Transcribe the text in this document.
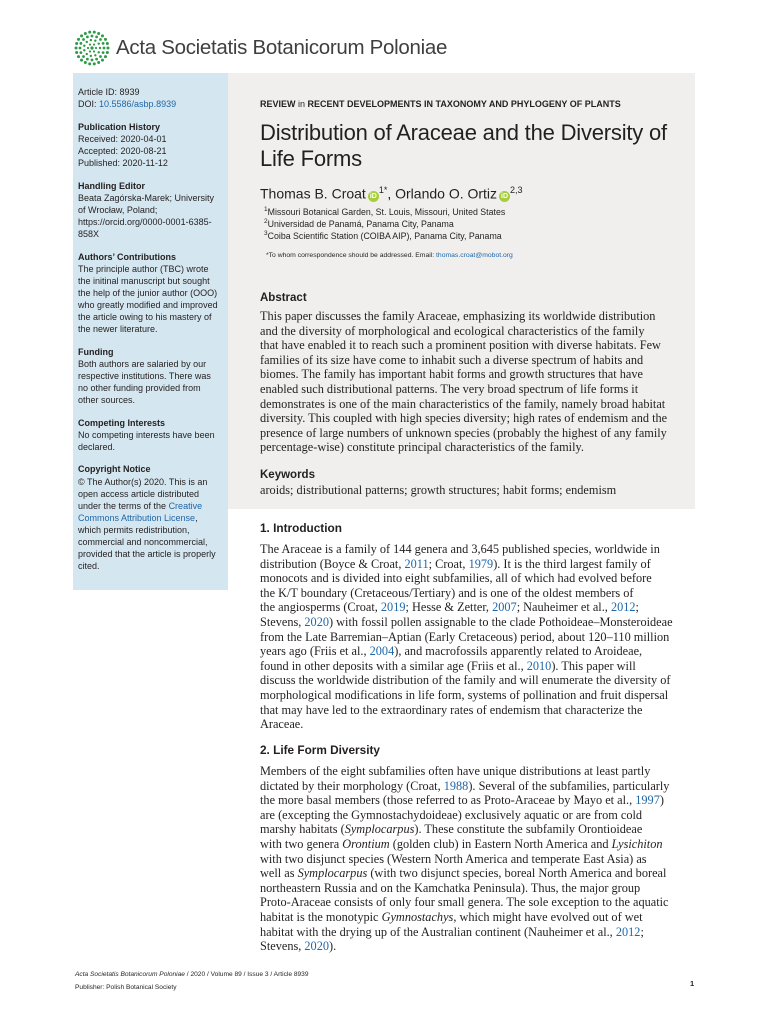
Acta Societatis Botanicorum Poloniae
Article ID: 8939
DOI: 10.5586/asbp.8939
Publication History
Received: 2020-04-01
Accepted: 2020-08-21
Published: 2020-11-12
Handling Editor
Beata Zagórska-Marek; University of Wrocław, Poland; https://orcid.org/0000-0001-6385-858X
Authors’ Contributions
The principle author (TBC) wrote the initinal manuscript but sought the help of the junior author (OOO) who greatly modified and improved the article owing to his mastery of the newer literature.
Funding
Both authors are salaried by our respective institutions. There was no other funding provided from other sources.
Competing Interests
No competing interests have been declared.
Copyright Notice
© The Author(s) 2020. This is an open access article distributed under the terms of the Creative Commons Attribution License, which permits redistribution, commercial and noncommercial, provided that the article is properly cited.
REVIEW in RECENT DEVELOPMENTS IN TAXONOMY AND PHYLOGENY OF PLANTS
Distribution of Araceae and the Diversity of Life Forms
Thomas B. Croat $iD^{1*}$, Orlando O. Ortiz iD$^{2,3}$
$^1$Missouri Botanical Garden, St. Louis, Missouri, United States
$^2$Universidad de Panamá, Panama City, Panama
$^3$Coiba Scientific Station (COIBA AIP), Panama City, Panama
*To whom correspondence should be addressed. Email: thomas.croat@mobot.org
Abstract
This paper discusses the family Araceae, emphasizing its worldwide distribution
and the diversity of morphological and ecological characteristics of the family
that have enabled it to reach such a prominent position with diverse habitats. Few
families of its size have come to inhabit such a diverse spectrum of habits and
biomes. The family has important habit forms and growth structures that have
enabled such distributional patterns. The very broad spectrum of life forms it
demonstrates is one of the main characteristics of the family, namely broad habitat
diversity. This coupled with high species diversity; high rates of endemism and the
presence of large numbers of unknown species (probably the highest of any family
percentage-wise) constitute principal characteristics of the family.
Keywords
aroids; distributional patterns; growth structures; habit forms; endemism
1. Introduction
The Araceae is a family of 144 genera and 3,645 published species, worldwide in
distribution (Boyce & Croat, 2011; Croat, 1979). It is the third largest family of
monocots and is divided into eight subfamilies, all of which had evolved before
the K/T boundary (Cretaceous/Tertiary) and is one of the oldest members of
the angiosperms (Croat, 2019; Hesse & Zetter, 2007; Nauheimer et al., 2012;
Stevens, 2020) with fossil pollen assignable to the clade Pothoideae–Monsteroideae
from the Late Barremian–Aptian (Early Cretaceous) period, about 120–110 million
years ago (Friis et al., 2004), and macrofossils apparently related to Aroideae,
found in other deposits with a similar age (Friis et al., 2010). This paper will
discuss the worldwide distribution of the family and will enumerate the diversity of
morphological modifications in life form, systems of pollination and fruit dispersal
that may have led to the extraordinary rates of endemism that characterize the
Araceae.
2. Life Form Diversity
Members of the eight subfamilies often have unique distributions at least partly
dictated by their morphology (Croat, 1988). Several of the subfamilies, particularly
the more basal members (those referred to as Proto-Araceae by Mayo et al., 1997)
are (excepting the Gymnostachydoideae) exclusively aquatic or are from cold
marshy habitats (Symplocarpus). These constitute the subfamily Orontioideae
with two genera Orontium (golden club) in Eastern North America and Lysichiton
with two disjunct species (Western North America and temperate East Asia) as
well as Symplocarpus (with two disjunct species, boreal North America and boreal
northeastern Russia and on the Kamchatka Peninsula). Thus, the major group
Proto-Araceae consists of only four small genera. The sole exception to the aquatic
habitat is the monotypic Gymnostachys, which might have evolved out of wet
habitat with the drying up of the Australian continent (Nauheimer et al., 2012;
Stevens, 2020).
Acta Societatis Botanicorum Poloniae / 2020 / Volume 89 / Issue 3 / Article 8939
Publisher: Polish Botanical Society	1
